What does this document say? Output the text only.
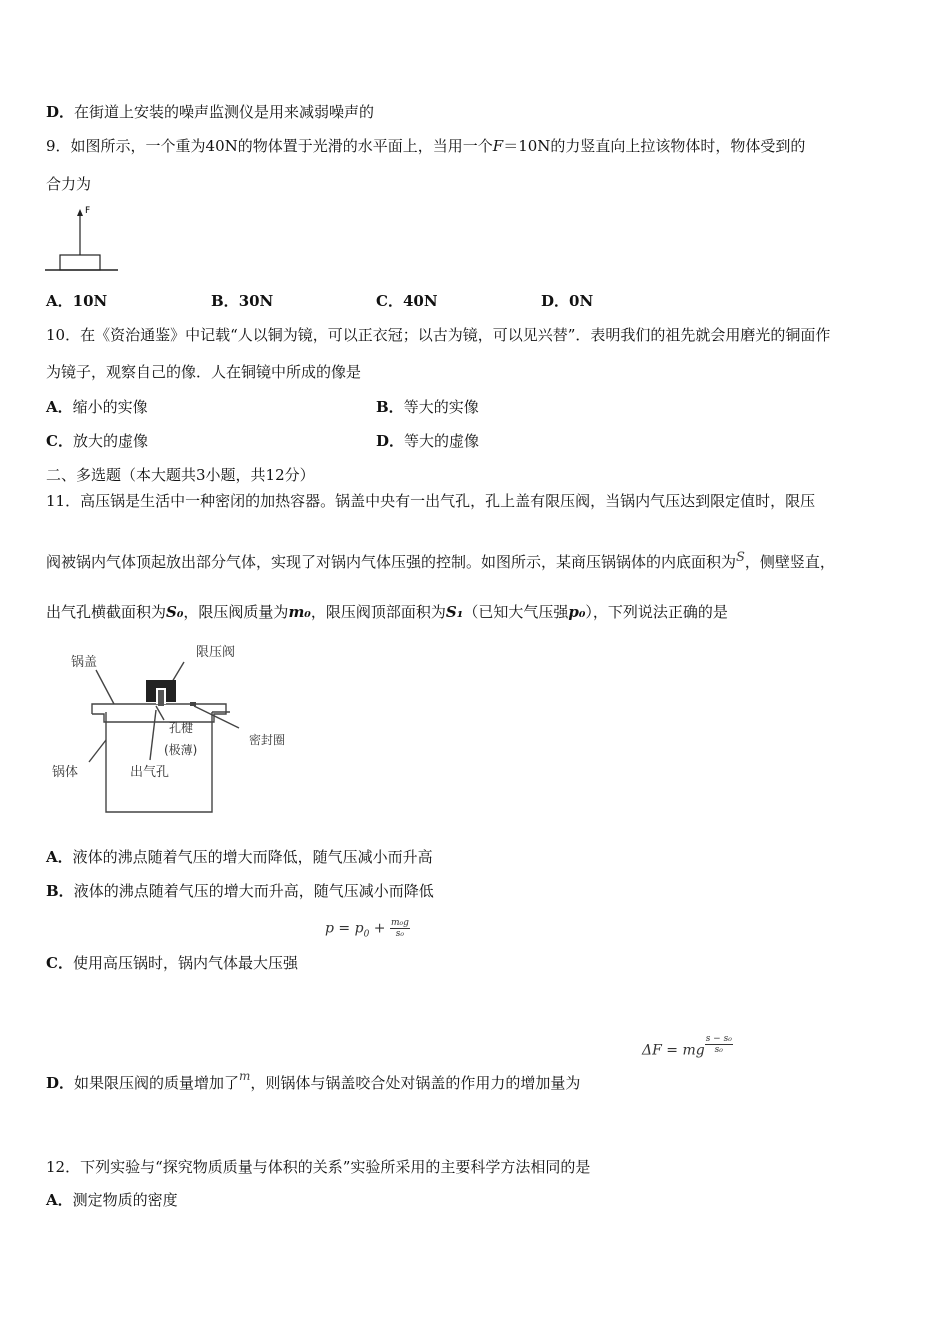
D．在街道上安装的噪声监测仪是用来减弱噪声的
9．如图所示，一个重为40N的物体置于光滑的水平面上，当用一个F＝10N的力竖直向上拉该物体时，物体受到的
合力为
F
A．10N	B．30N	C．40N	D．0N
10．在《资治通鉴》中记载“人以铜为镜，可以正衣冠；以古为镜，可以见兴替”．表明我们的祖先就会用磨光的铜面作
为镜子，观察自己的像．人在铜镜中所成的像是
A．缩小的实像	B．等大的实像
C．放大的虚像	D．等大的虚像
二、多选题（本大题共3小题，共12分）
11．高压锅是生活中一种密闭的加热容器。锅盖中央有一出气孔，孔上盖有限压阀，当锅内气压达到限定值时，限压
阀被锅内气体顶起放出部分气体，实现了对锅内气体压强的控制。如图所示，某商压锅锅体的内底面积为S，侧壁竖直，
出气孔横截面积为S₀，限压阀质量为m₀，限压阀顶部面积为S₁（已知大气压强p₀），下列说法正确的是
锅盖
限压阀
孔楗
(极薄)
密封圈
锅体	出气孔
A．液体的沸点随着气压的增大而降低，随气压减小而升高
B．液体的沸点随着气压的增大而升高，随气压减小而降低
$p = p_0 + \frac{\text{m₀g}}{\text{s₀}}$
C．使用高压锅时，锅内气体最大压强
ΔF = mg $\frac{\text{s − s₀}}{\text{s₀}}$
D．如果限压阀的质量增加了$^m$，则锅体与锅盖咬合处对锅盖的作用力的增加量为
12．下列实验与“探究物质质量与体积的关系”实验所采用的主要科学方法相同的是
A．测定物质的密度
